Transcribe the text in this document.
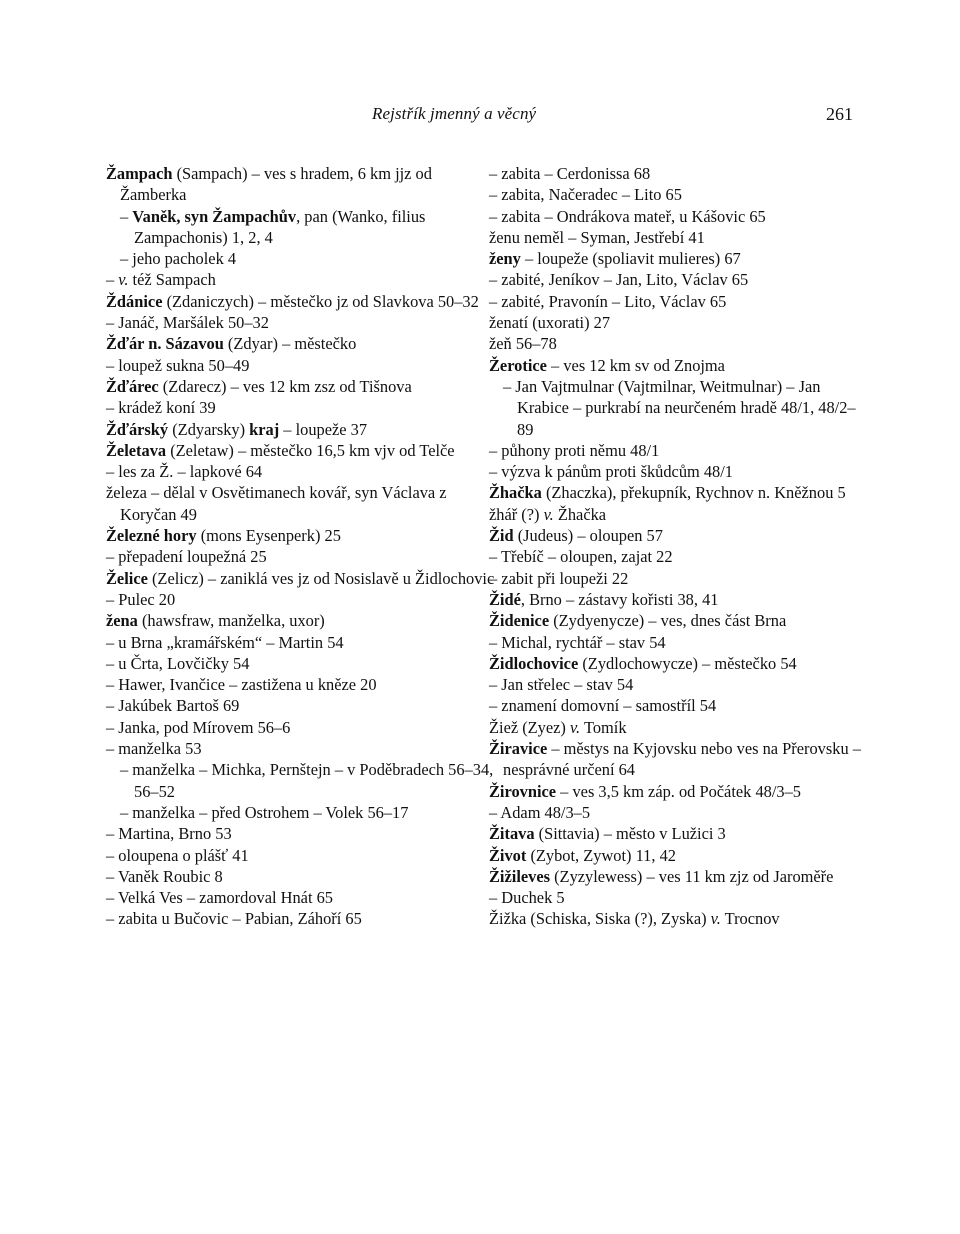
Rejstřík jmenný a věcný	261

Žampach (Sampach) – ves s hradem, 6 km jjz od Žamberka

– Vaněk, syn Žampachův, pan (Wanko, filius Zampachonis) 1, 2, 4

– jeho pacholek 4

– v. též Sampach

Ždánice (Zdaniczych) – městečko jz od Slavkova 50–32

– Janáč, Maršálek 50–32

Žďár n. Sázavou (Zdyar) – městečko

– loupež sukna 50–49

Žďárec (Zdarecz) – ves 12 km zsz od Tišnova

– krádež koní 39

Žďárský (Zdyarsky) kraj – loupeže 37

Želetava (Zeletaw) – městečko 16,5 km vjv od Telče

– les za Ž. – lapkové 64

železa – dělal v Osvětimanech kovář, syn Václava z Koryčan 49

Železné hory (mons Eysenperk) 25

– přepadení loupežná 25

Želice (Zelicz) – zaniklá ves jz od Nosislavě u Židlochovic

– Pulec 20

žena (hawsfraw, manželka, uxor)

– u Brna „kramářském“ – Martin 54

– u Črta, Lovčičky 54

– Hawer, Ivančice – zastižena u kněze 20

– Jakúbek Bartoš 69

– Janka, pod Mírovem 56–6

– manželka 53

– manželka – Michka, Pernštejn – v Poděbradech 56–34, 56–52

– manželka – před Ostrohem – Volek 56–17

– Martina, Brno 53

– oloupena o plášť 41

– Vaněk Roubic 8

– Velká Ves – zamordoval Hnát 65

– zabita u Bučovic – Pabian, Záhoří 65

– zabita – Cerdonissa 68

– zabita, Načeradec – Lito 65

– zabita – Ondrákova mateř, u Kášovic 65

ženu neměl – Syman, Jestřebí 41

ženy – loupeže (spoliavit mulieres) 67

– zabité, Jeníkov – Jan, Lito, Václav 65

– zabité, Pravonín – Lito, Václav 65

ženatí (uxorati) 27

žeň 56–78

Žerotice – ves 12 km sv od Znojma

– Jan Vajtmulnar (Vajtmilnar, Weitmulnar) – Jan Krabice – purkrabí na neurčeném hradě 48/1, 48/2–89

– půhony proti němu 48/1

– výzva k pánům proti škůdcům 48/1

Žhačka (Zhaczka), překupník, Rychnov n. Kněžnou 5

žhář (?) v. Žhačka

Žid (Judeus) – oloupen 57

– Třebíč – oloupen, zajat 22

– zabit při loupeži 22

Židé, Brno – zástavy kořisti 38, 41

Židenice (Zydyenycze) – ves, dnes část Brna

– Michal, rychtář – stav 54

Židlochovice (Zydlochowycze) – městečko 54

– Jan střelec – stav 54

– znamení domovní – samostříl 54

Žiež (Zyez) v. Tomík

Žiravice – městys na Kyjovsku nebo ves na Přerovsku – nesprávné určení 64

Žirovnice – ves 3,5 km záp. od Počátek 48/3–5

– Adam 48/3–5

Žitava (Sittavia) – město v Lužici 3

Život (Zybot, Zywot) 11, 42

Žižileves (Zyzylewess) – ves 11 km zjz od Jaroměře

– Duchek 5

Žižka (Schiska, Siska (?), Zyska) v. Trocnov
